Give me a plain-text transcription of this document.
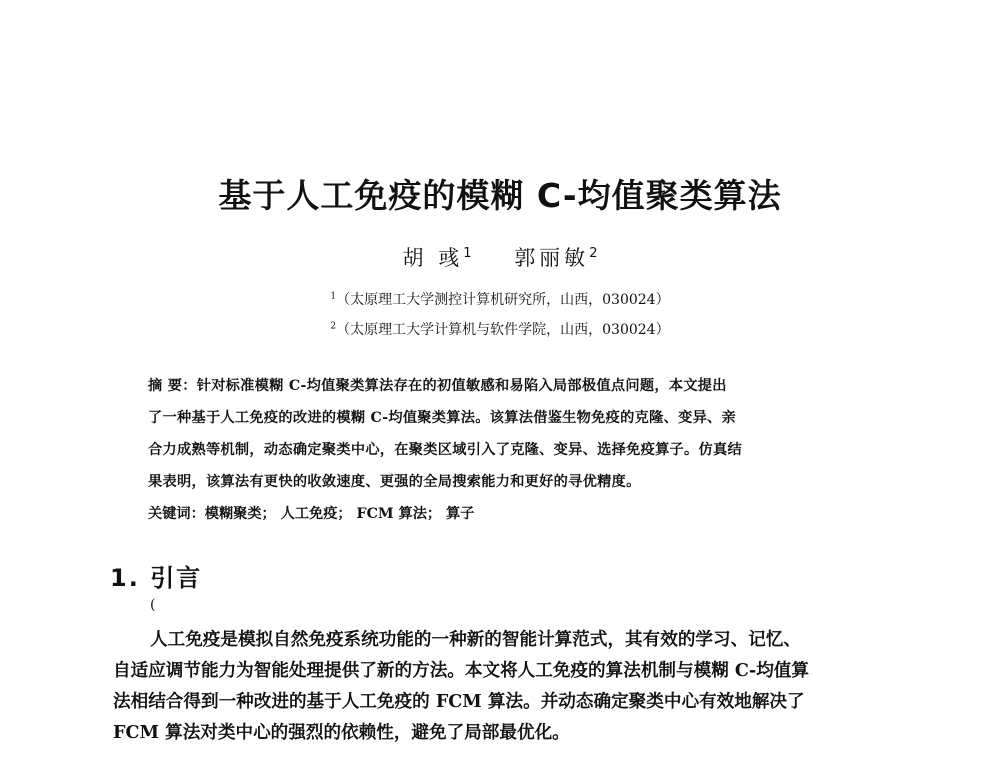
基于人工免疫的模糊 C-均值聚类算法
胡 彧$^1$ 郭丽敏$^2$
$^1$（太原理工大学测控计算机研究所，山西，030024）
$^2$（太原理工大学计算机与软件学院，山西，030024）
摘 要：针对标准模糊 C-均值聚类算法存在的初值敏感和易陷入局部极值点问题，本文提出
了一种基于人工免疫的改进的模糊 C-均值聚类算法。该算法借鉴生物免疫的克隆、变异、亲
合力成熟等机制，动态确定聚类中心，在聚类区域引入了克隆、变异、选择免疫算子。仿真结
果表明，该算法有更快的收敛速度、更强的全局搜索能力和更好的寻优精度。
关键词：模糊聚类； 人工免疫； FCM 算法； 算子
1. 引言
(
人工免疫是模拟自然免疫系统功能的一种新的智能计算范式，其有效的学习、记忆、
自适应调节能力为智能处理提供了新的方法。本文将人工免疫的算法机制与模糊 C-均值算
法相结合得到一种改进的基于人工免疫的 FCM 算法。并动态确定聚类中心有效地解决了
FCM 算法对类中心的强烈的依赖性，避免了局部最优化。
